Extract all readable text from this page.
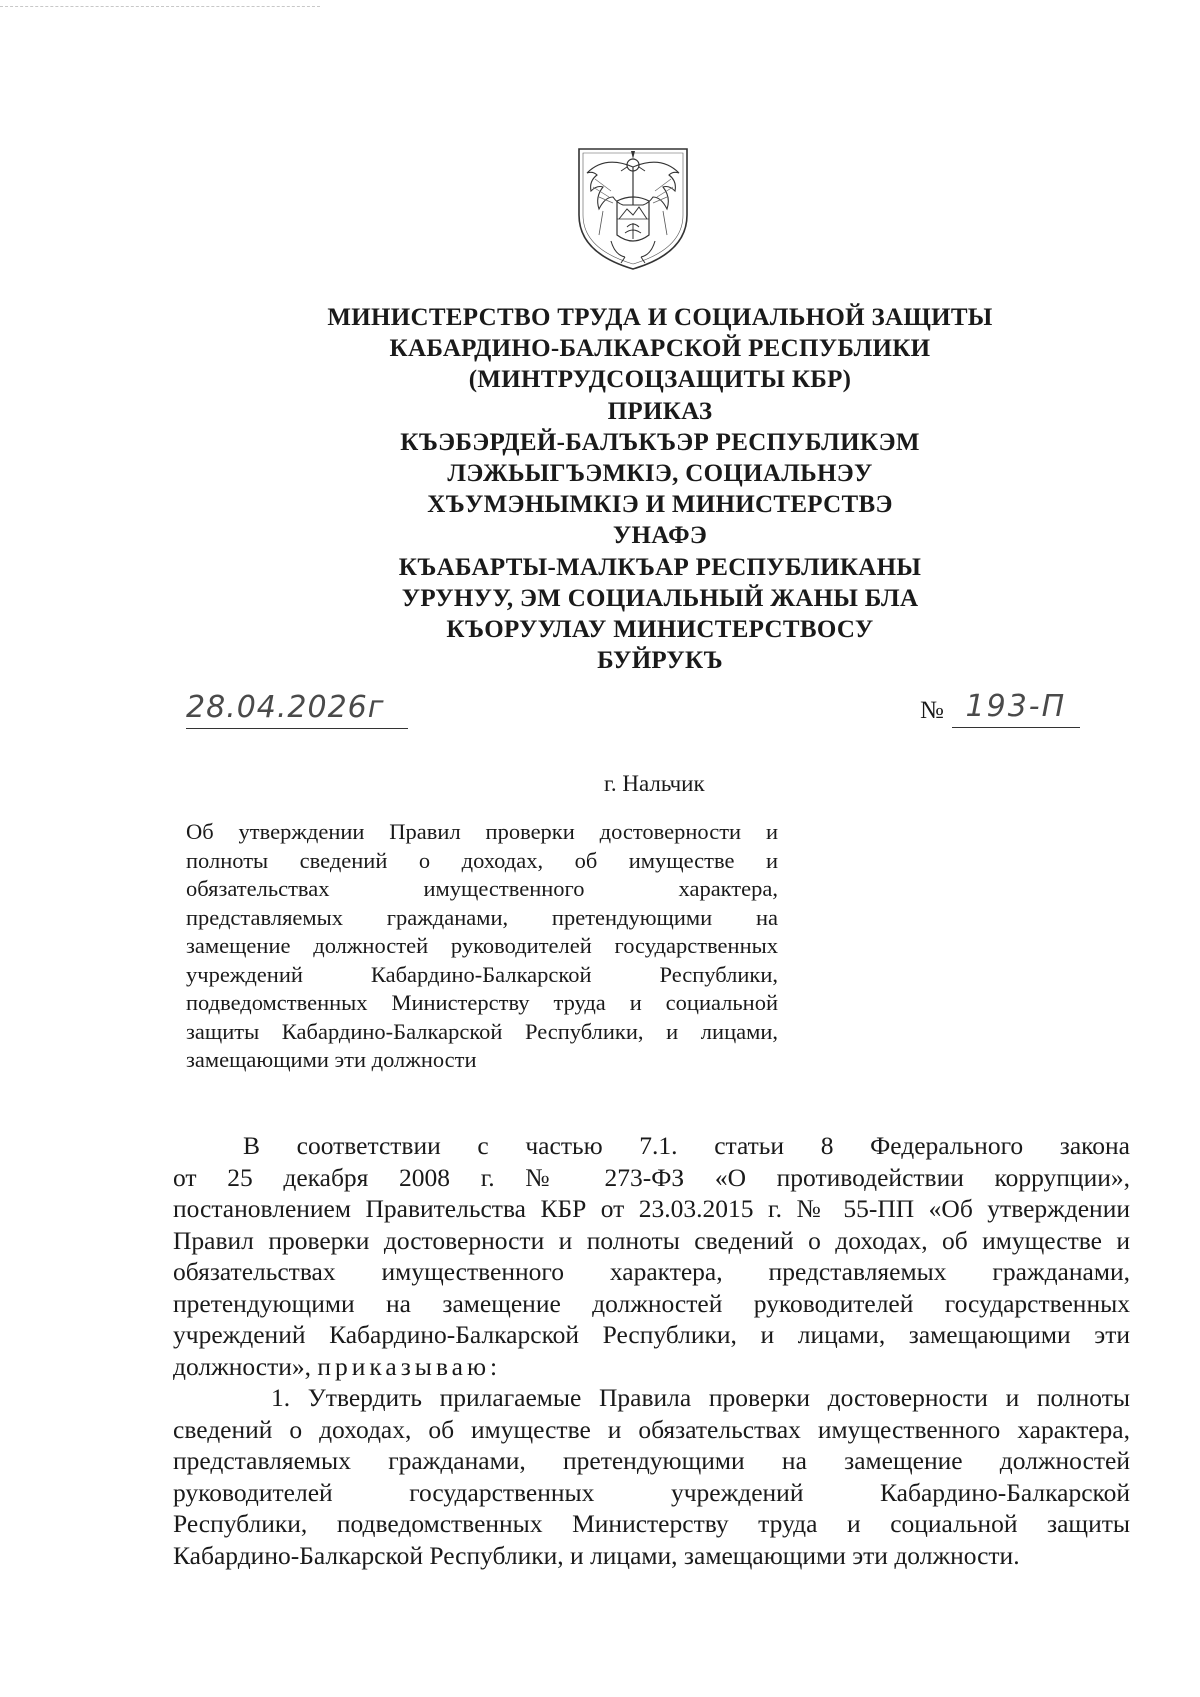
МИНИСТЕРСТВО ТРУДА И СОЦИАЛЬНОЙ ЗАЩИТЫ
КАБАРДИНО-БАЛКАРСКОЙ РЕСПУБЛИКИ
(МИНТРУДСОЦЗАЩИТЫ КБР)
ПРИКАЗ
КЪЭБЭРДЕЙ-БАЛЪКЪЭР РЕСПУБЛИКЭМ
ЛЭЖЬЫГЪЭМКIЭ, СОЦИАЛЬНЭУ
ХЪУМЭНЫМКIЭ И МИНИСТЕРСТВЭ
УНАФЭ
КЪАБАРТЫ-МАЛКЪАР РЕСПУБЛИКАНЫ
УРУНУУ, ЭМ СОЦИАЛЬНЫЙ ЖАНЫ БЛА
КЪОРУУЛАУ МИНИСТЕРСТВОСУ
БУЙРУКЪ
28.04.2026г	№ 193-П
г. Нальчик
Об утверждении Правил проверки достоверности и
полноты сведений о доходах, об имуществе и
обязательствах имущественного характера,
представляемых гражданами, претендующими на
замещение должностей руководителей государственных
учреждений Кабардино-Балкарской Республики,
подведомственных Министерству труда и социальной
защиты Кабардино-Балкарской Республики, и лицами,
замещающими эти должности
В соответствии с частью 7.1. статьи 8 Федерального закона
от 25 декабря 2008 г. № 273-ФЗ «О противодействии коррупции»,
постановлением Правительства КБР от 23.03.2015 г. № 55-ПП «Об утверждении
Правил проверки достоверности и полноты сведений о доходах, об имуществе и
обязательствах имущественного характера, представляемых гражданами,
претендующими на замещение должностей руководителей государственных
учреждений Кабардино-Балкарской Республики, и лицами, замещающими эти
должности», приказываю:
1. Утвердить прилагаемые Правила проверки достоверности и полноты
сведений о доходах, об имуществе и обязательствах имущественного характера,
представляемых гражданами, претендующими на замещение должностей
руководителей государственных учреждений Кабардино-Балкарской
Республики, подведомственных Министерству труда и социальной защиты
Кабардино-Балкарской Республики, и лицами, замещающими эти должности.
